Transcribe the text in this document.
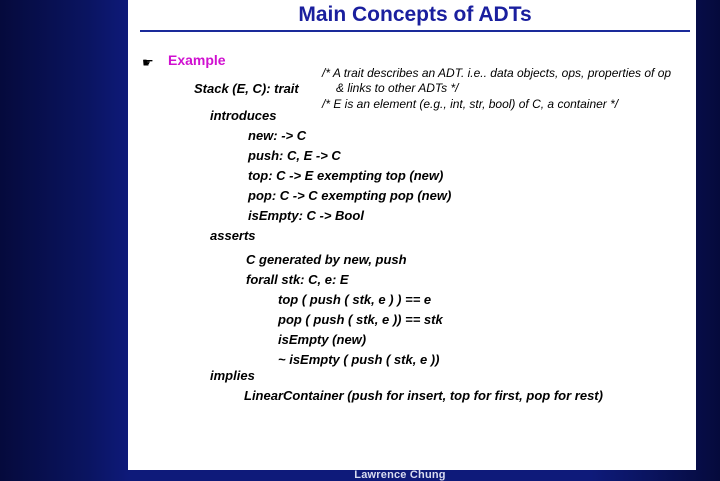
Main Concepts of ADTs
☛ Example
Stack (E, C): trait
/* A trait describes an ADT. i.e.. data objects, ops, properties of op
& links to other ADTs */
/* E is an element (e.g., int, str, bool) of C, a container */
introduces
new: -> C
push: C, E -> C
top: C -> E exempting top (new)
pop: C -> C exempting pop (new)
isEmpty: C -> Bool
asserts
C generated by new, push
forall stk: C, e: E
top ( push ( stk, e ) ) == e
pop ( push ( stk, e )) == stk
isEmpty (new)
~ isEmpty ( push ( stk, e ))
implies
LinearContainer (push for insert, top for first, pop for rest)
Lawrence Chung
